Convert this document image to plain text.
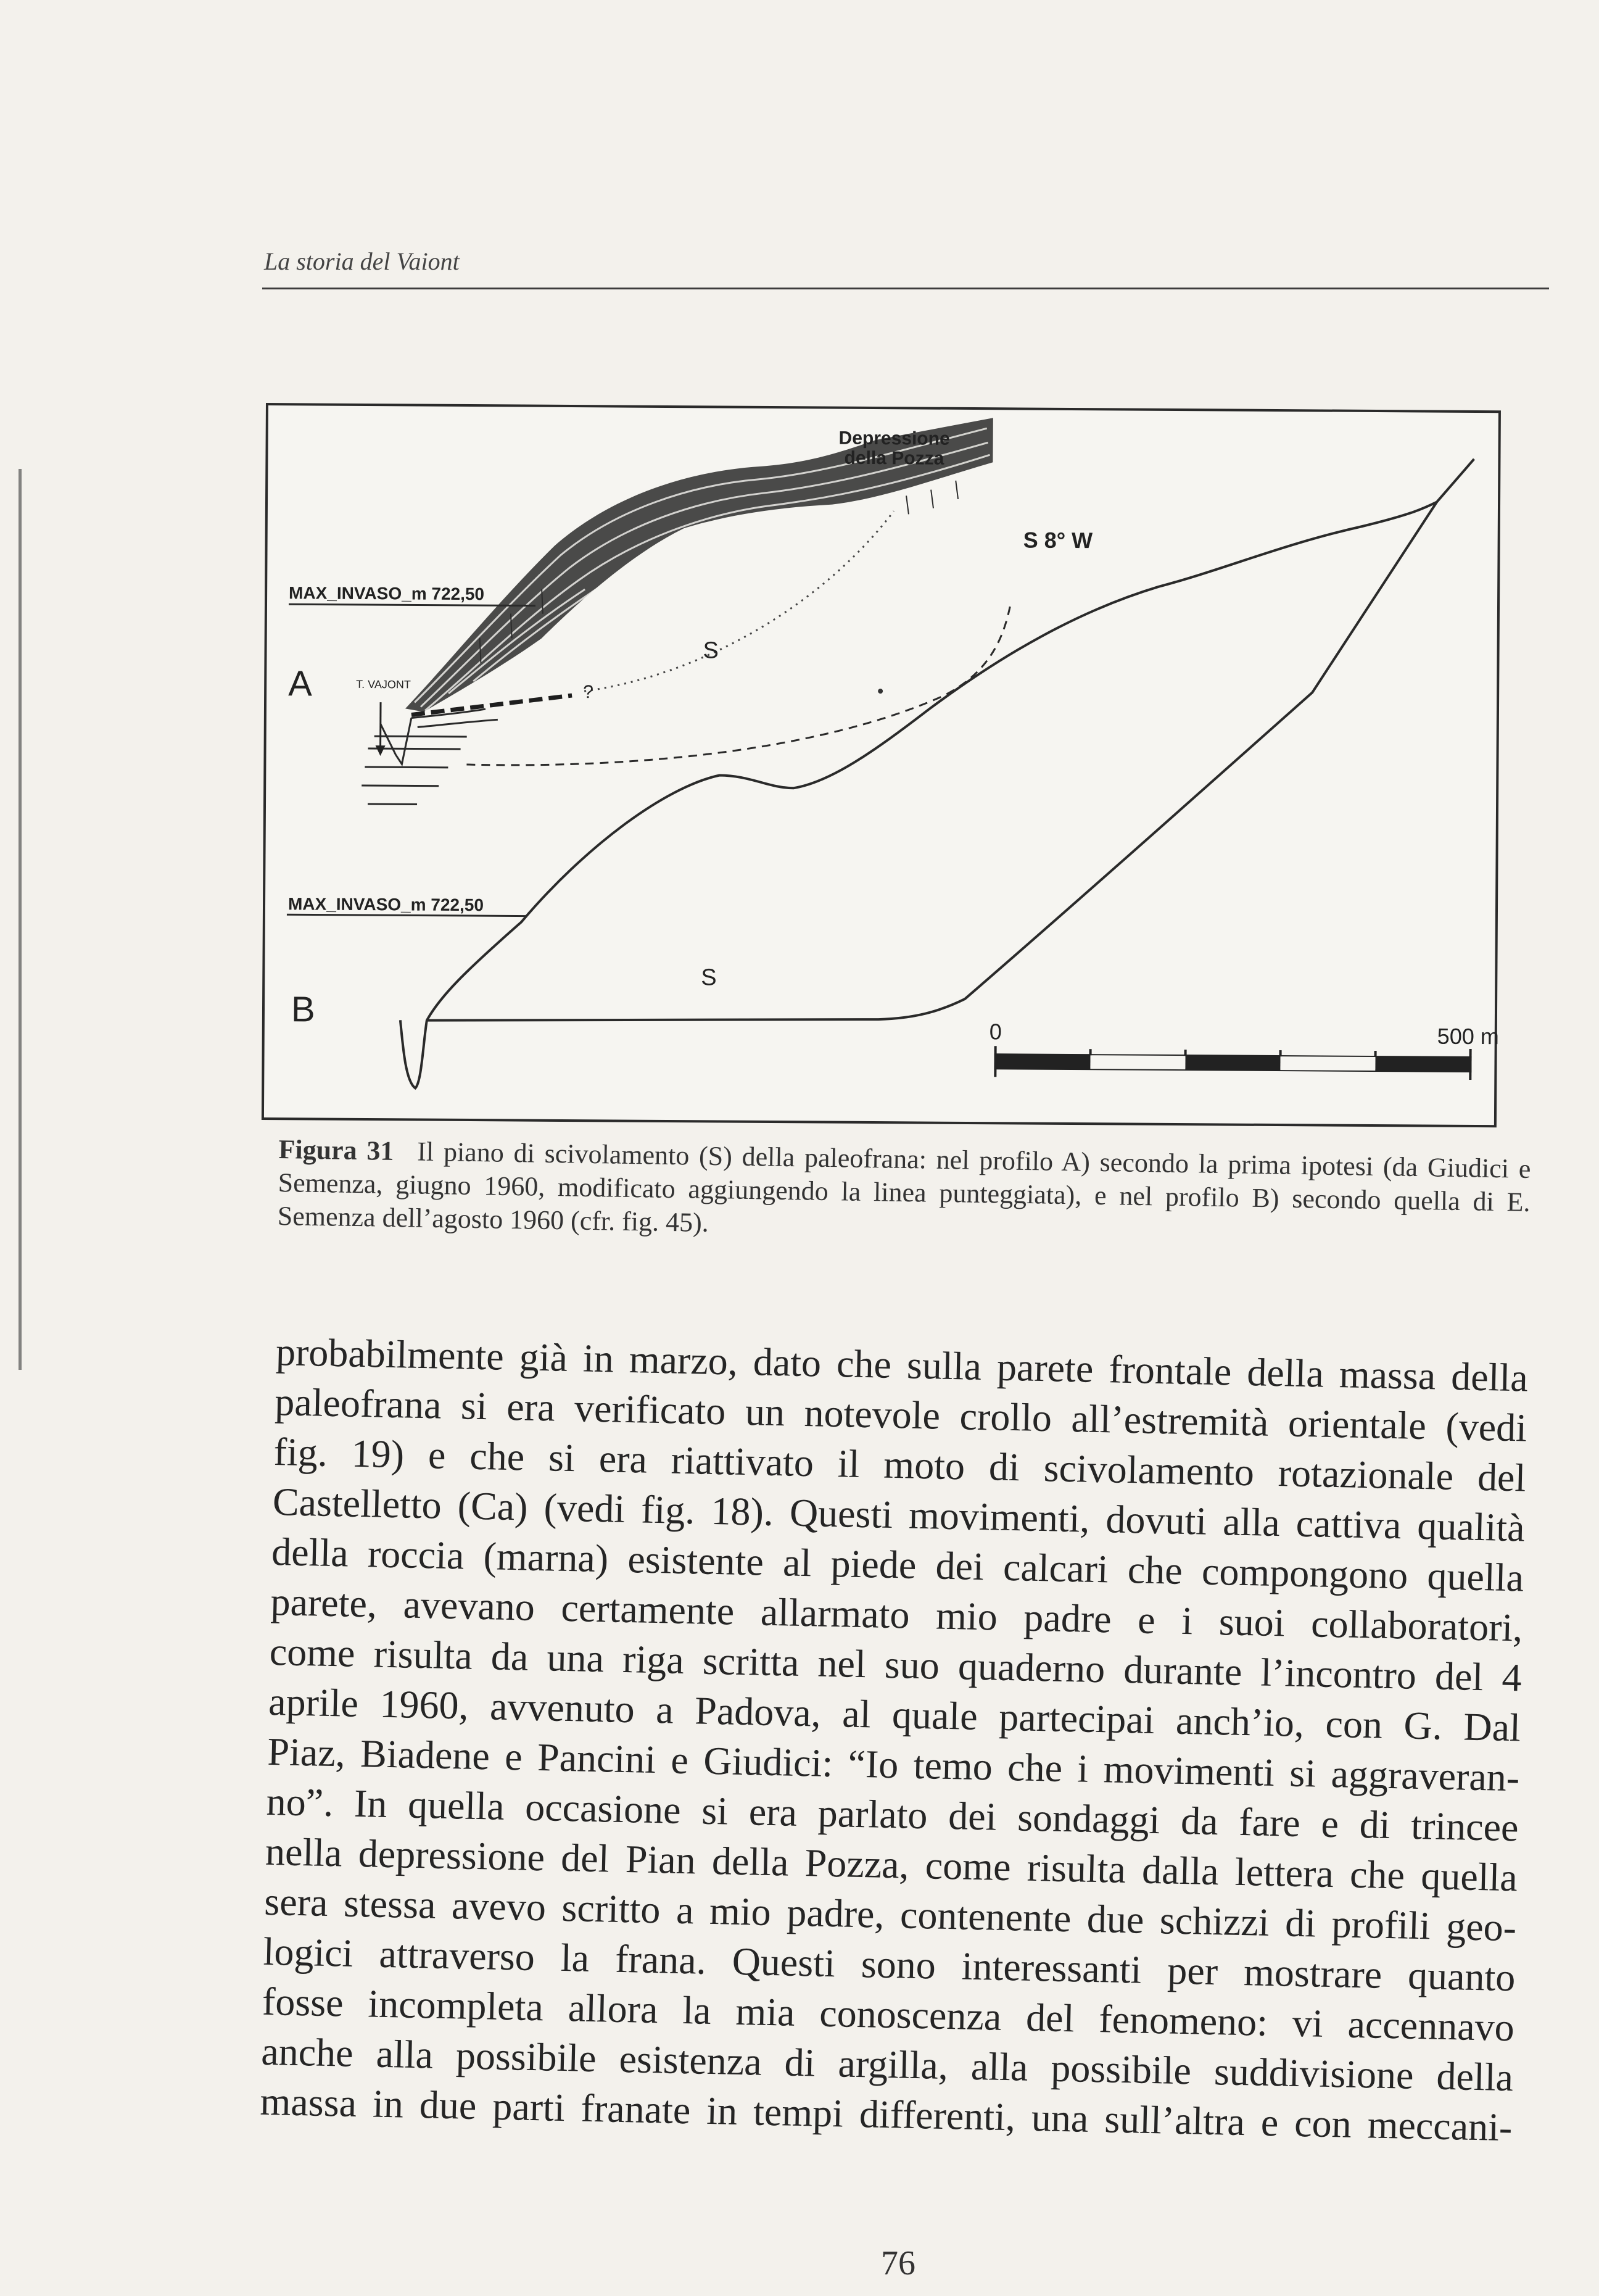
La storia del Vaiont
Depressione
della Pozza
S 8° W
MAX_INVASO_m 722,50
MAX_INVASO_m 722,50
A
B
T. VAJONT
S
S
?
0	500 m
Figura 31 Il piano di scivolamento (S) della paleofrana: nel profilo A) secondo la prima ipotesi (da Giudici e Semenza, giugno 1960, modificato aggiungendo la linea punteggiata), e nel profilo B) secondo quella di E. Semenza dell’agosto 1960 (cfr. fig. 45).
probabilmente già in marzo, dato che sulla parete frontale della massa della
paleofrana si era verificato un notevole crollo all’estremità orientale (vedi
fig. 19) e che si era riattivato il moto di scivolamento rotazionale del
Castelletto (Ca) (vedi fig. 18). Questi movimenti, dovuti alla cattiva qualità
della roccia (marna) esistente al piede dei calcari che compongono quella
parete, avevano certamente allarmato mio padre e i suoi collaboratori,
come risulta da una riga scritta nel suo quaderno durante l’incontro del 4
aprile 1960, avvenuto a Padova, al quale partecipai anch’io, con G. Dal
Piaz, Biadene e Pancini e Giudici: “Io temo che i movimenti si aggraveran-
no”. In quella occasione si era parlato dei sondaggi da fare e di trincee
nella depressione del Pian della Pozza, come risulta dalla lettera che quella
sera stessa avevo scritto a mio padre, contenente due schizzi di profili geo-
logici attraverso la frana. Questi sono interessanti per mostrare quanto
fosse incompleta allora la mia conoscenza del fenomeno: vi accennavo
anche alla possibile esistenza di argilla, alla possibile suddivisione della
massa in due parti franate in tempi differenti, una sull’altra e con meccani-
76
